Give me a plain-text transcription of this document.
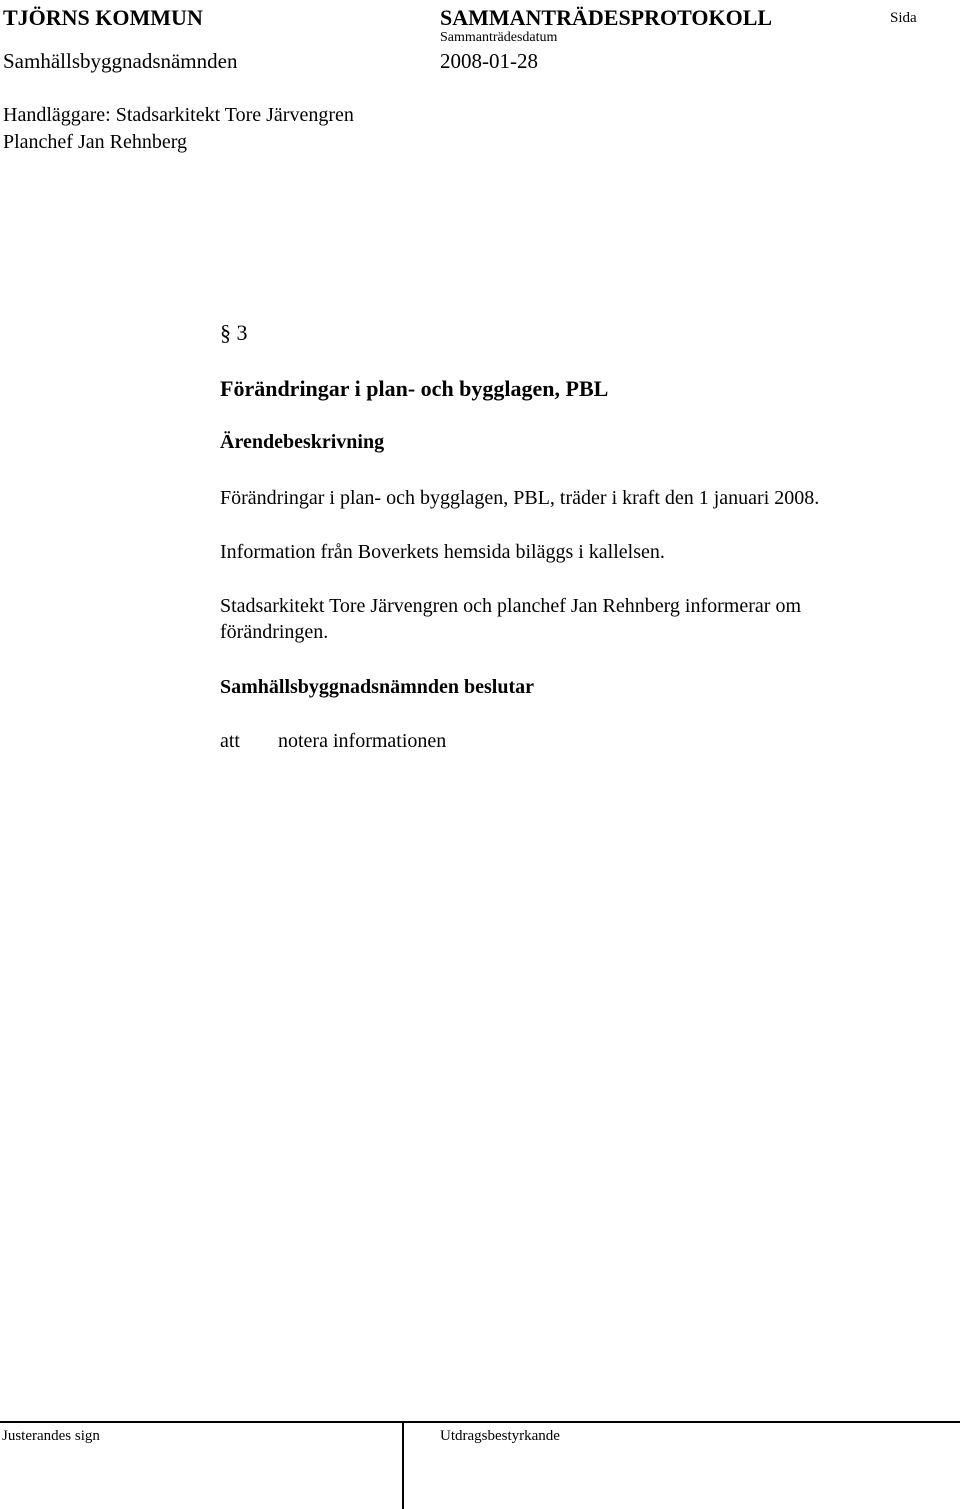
TJÖRNS KOMMUN	SAMMANTRÄDESPROTOKOLL	Sida
Sammanträdesdatum
Samhällsbyggnadsnämnden	2008-01-28
Handläggare: Stadsarkitekt Tore Järvengren
Planchef Jan Rehnberg
§ 3
Förändringar i plan- och bygglagen, PBL
Ärendebeskrivning
Förändringar i plan- och bygglagen, PBL, träder i kraft den 1 januari 2008.
Information från Boverkets hemsida biläggs i kallelsen.
Stadsarkitekt Tore Järvengren och planchef Jan Rehnberg informerar om
förändringen.
Samhällsbyggnadsnämnden beslutar
att notera informationen
Justerandes sign	Utdragsbestyrkande
